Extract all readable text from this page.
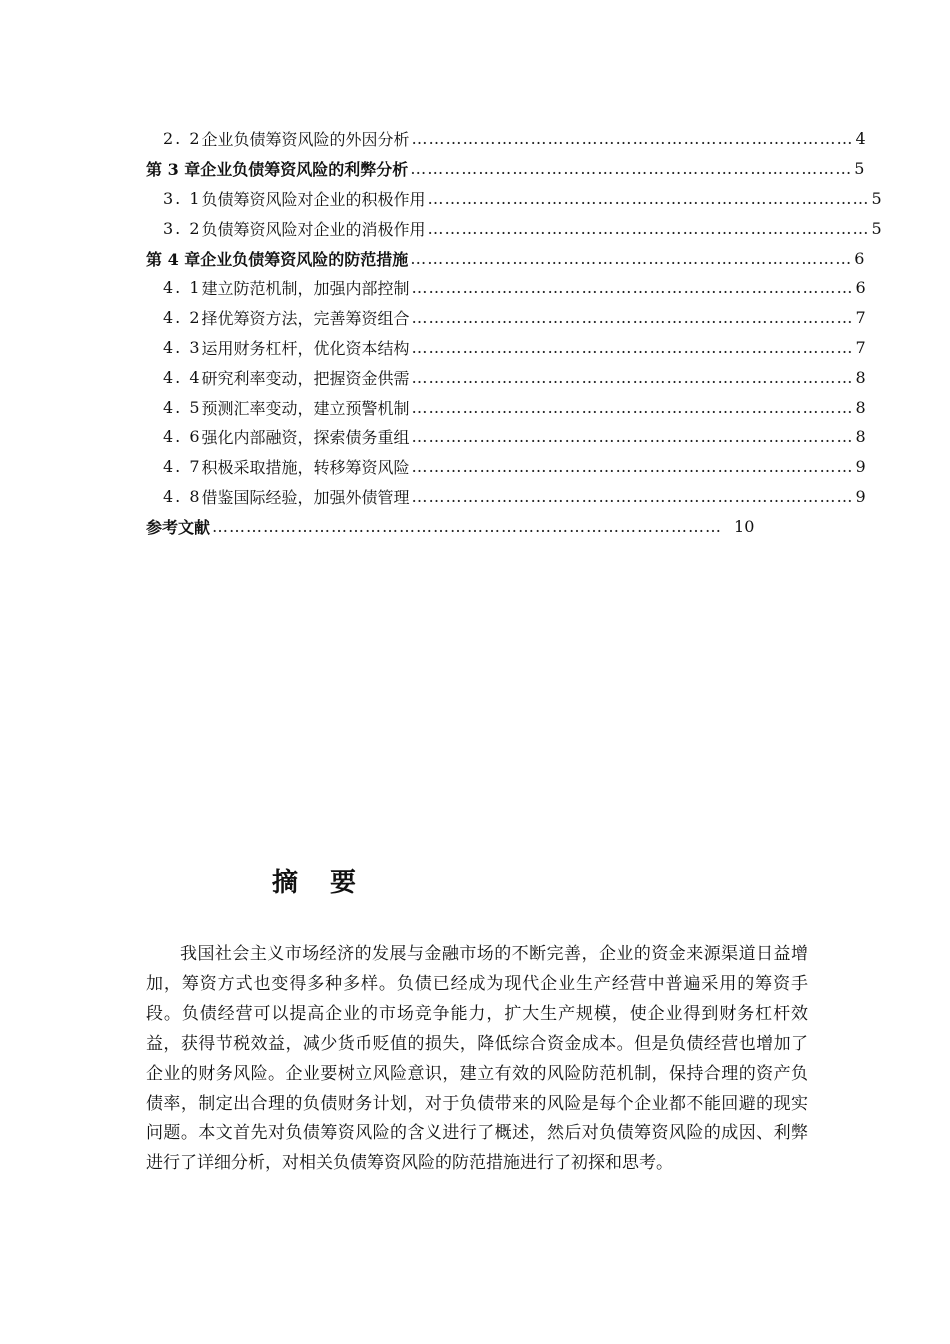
2. 2 企业负债筹资风险的外因分析 …………………………………………………………………… 4
第 3 章 企业负债筹资风险的利弊分析 …………………………………………………………………… 5
3. 1 负债筹资风险对企业的积极作用 …………………………………………………………………… 5
3. 2 负债筹资风险对企业的消极作用 …………………………………………………………………… 5
第 4 章 企业负债筹资风险的防范措施 …………………………………………………………………… 6
4. 1 建立防范机制，加强内部控制 …………………………………………………………………… 6
4. 2 择优筹资方法，完善筹资组合 …………………………………………………………………… 7
4. 3 运用财务杠杆，优化资本结构 …………………………………………………………………… 7
4. 4 研究利率变动，把握资金供需 …………………………………………………………………… 8
4. 5 预测汇率变动，建立预警机制 …………………………………………………………………… 8
4. 6 强化内部融资，探索债务重组 …………………………………………………………………… 8
4. 7 积极采取措施，转移筹资风险 …………………………………………………………………… 9
4. 8 借鉴国际经验，加强外债管理 …………………………………………………………………… 9
参考文献 ……………………………………………………………………………… 10
摘要

我国社会主义市场经济的发展与金融市场的不断完善，企业的资金来源渠道日益增加，筹资方式也变得多种多样。负债已经成为现代企业生产经营中普遍采用的筹资手段。负债经营可以提高企业的市场竞争能力，扩大生产规模，使企业得到财务杠杆效益，获得节税效益，减少货币贬值的损失，降低综合资金成本。但是负债经营也增加了企业的财务风险。企业要树立风险意识，建立有效的风险防范机制，保持合理的资产负债率，制定出合理的负债财务计划，对于负债带来的风险是每个企业都不能回避的现实问题。本文首先对负债筹资风险的含义进行了概述，然后对负债筹资风险的成因、利弊进行了详细分析，对相关负债筹资风险的防范措施进行了初探和思考。
